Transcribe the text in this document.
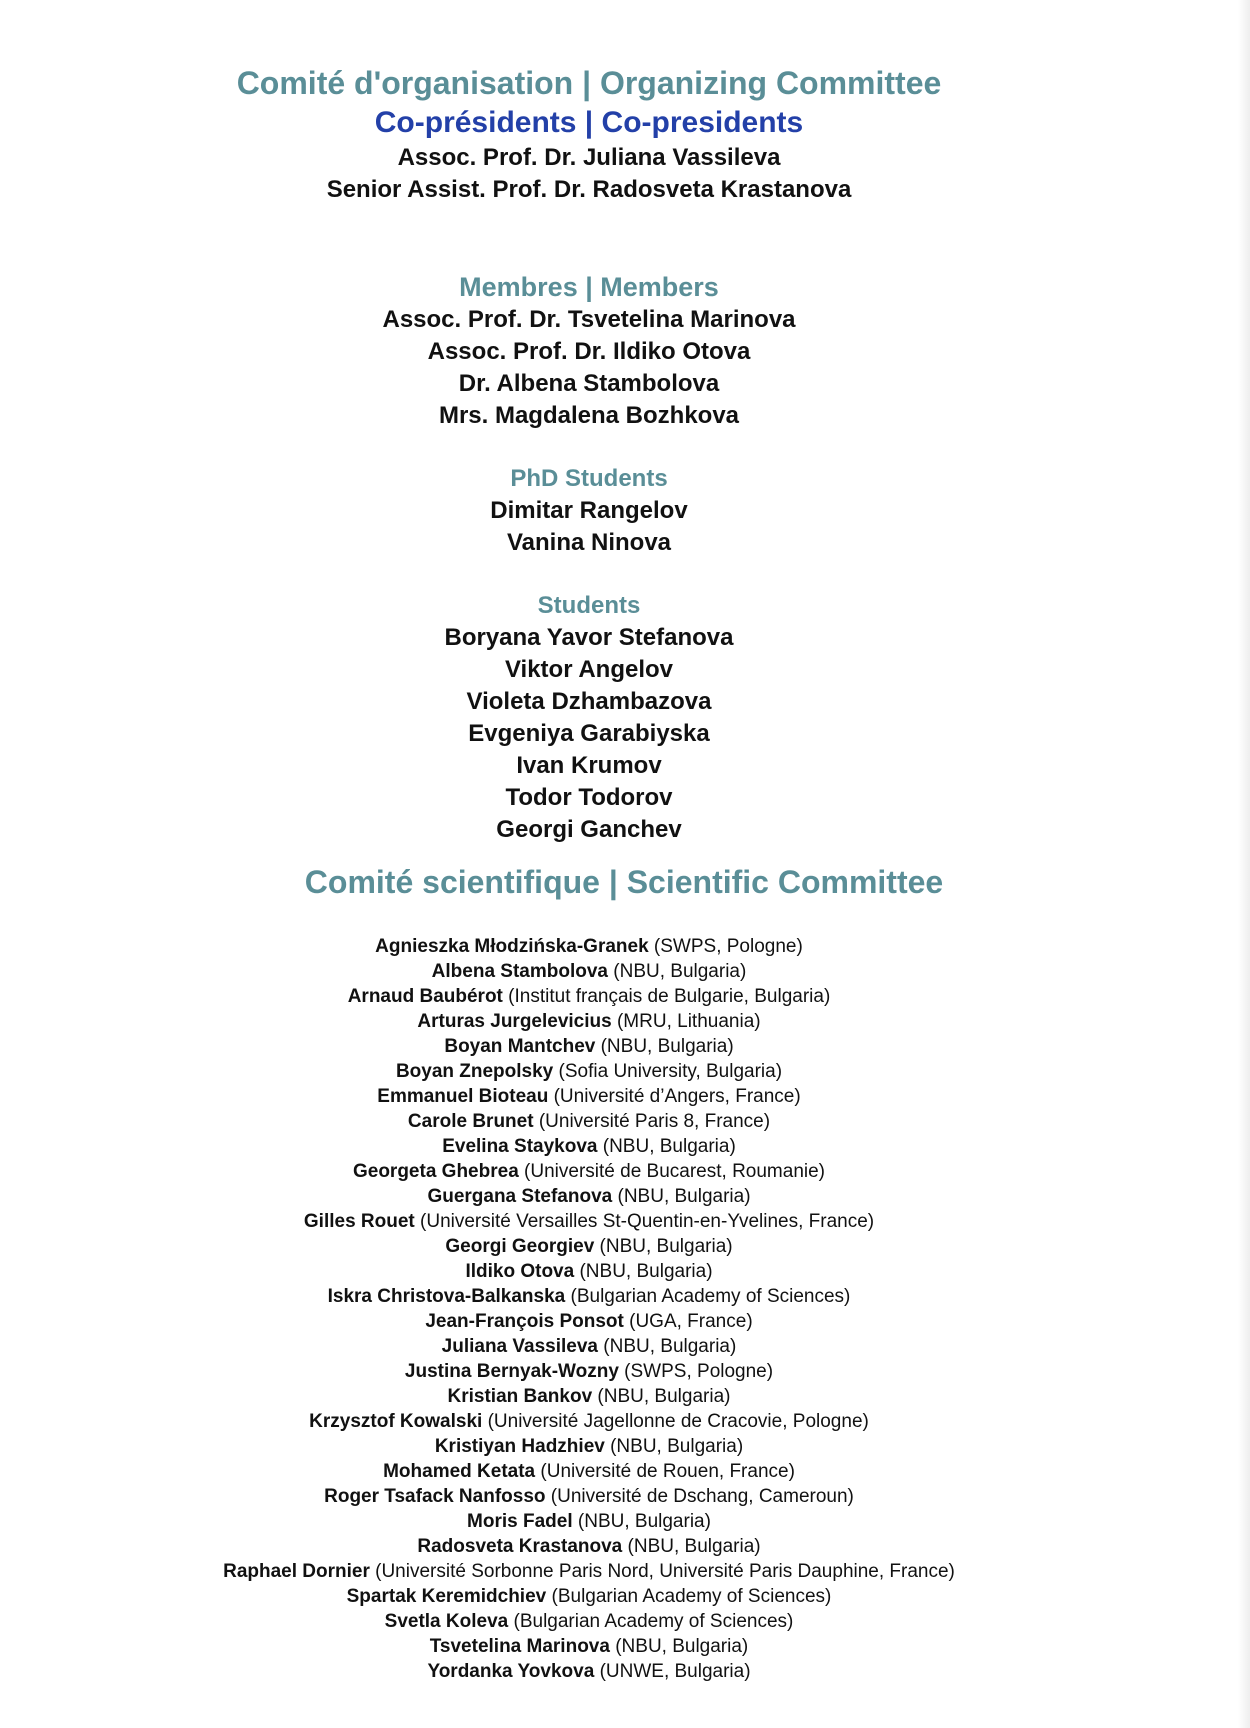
Comité d'organisation | Organizing Committee
Co-présidents | Co-presidents

Assoc. Prof. Dr. Juliana Vassileva

Senior Assist. Prof. Dr. Radosveta Krastanova

Membres | Members

Assoc. Prof. Dr. Tsvetelina Marinova

Assoc. Prof. Dr. Ildiko Otova

Dr. Albena Stambolova

Mrs. Magdalena Bozhkova

PhD Students

Dimitar Rangelov

Vanina Ninova

Students

Boryana Yavor Stefanova

Viktor Angelov

Violeta Dzhambazova

Evgeniya Garabiyska

Ivan Krumov

Todor Todorov

Georgi Ganchev

Comité scientifique | Scientific Committee
Agnieszka Młodzińska-Granek (SWPS, Pologne)
Albena Stambolova (NBU, Bulgaria)
Arnaud Baubérot (Institut français de Bulgarie, Bulgaria)
Arturas Jurgelevicius (MRU, Lithuania)
Boyan Mantchev (NBU, Bulgaria)
Boyan Znepolsky (Sofia University, Bulgaria)
Emmanuel Bioteau (Université d’Angers, France)
Carole Brunet (Université Paris 8, France)
Evelina Staykova (NBU, Bulgaria)
Georgeta Ghebrea (Université de Bucarest, Roumanie)
Guergana Stefanova (NBU, Bulgaria)
Gilles Rouet (Université Versailles St-Quentin-en-Yvelines, France)
Georgi Georgiev (NBU, Bulgaria)
Ildiko Otova (NBU, Bulgaria)
Iskra Christova-Balkanska (Bulgarian Academy of Sciences)
Jean-François Ponsot (UGA, France)
Juliana Vassileva (NBU, Bulgaria)
Justina Bernyak-Wozny (SWPS, Pologne)
Kristian Bankov (NBU, Bulgaria)
Krzysztof Kowalski (Université Jagellonne de Cracovie, Pologne)
Kristiyan Hadzhiev (NBU, Bulgaria)
Mohamed Ketata (Université de Rouen, France)
Roger Tsafack Nanfosso (Université de Dschang, Cameroun)
Moris Fadel (NBU, Bulgaria)
Radosveta Krastanova (NBU, Bulgaria)
Raphael Dornier (Université Sorbonne Paris Nord, Université Paris Dauphine, France)
Spartak Keremidchiev (Bulgarian Academy of Sciences)
Svetla Koleva (Bulgarian Academy of Sciences)
Tsvetelina Marinova (NBU, Bulgaria)
Yordanka Yovkova (UNWE, Bulgaria)
